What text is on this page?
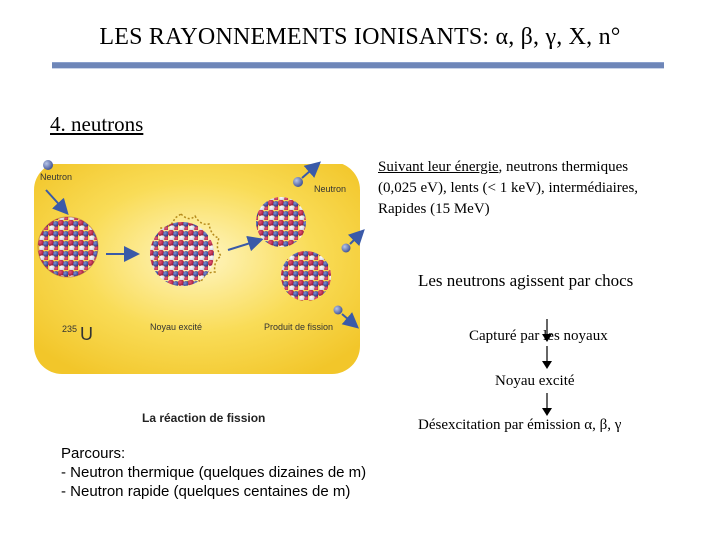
LES RAYONNEMENTS IONISANTS: α, β, γ, X, n°
4. neutrons
Neutron
Neutron
235 U	Noyau excité	Produit de fission
La réaction de fission
Suivant leur énergie, neutrons thermiques
(0,025 eV), lents (< 1 keV), intermédiaires,
Rapides (15 MeV)
Les neutrons agissent par chocs
Capturé par les noyaux
Noyau excité
Désexcitation par émission α, β, γ
Parcours:
- Neutron thermique (quelques dizaines de m)
- Neutron rapide (quelques centaines de m)
